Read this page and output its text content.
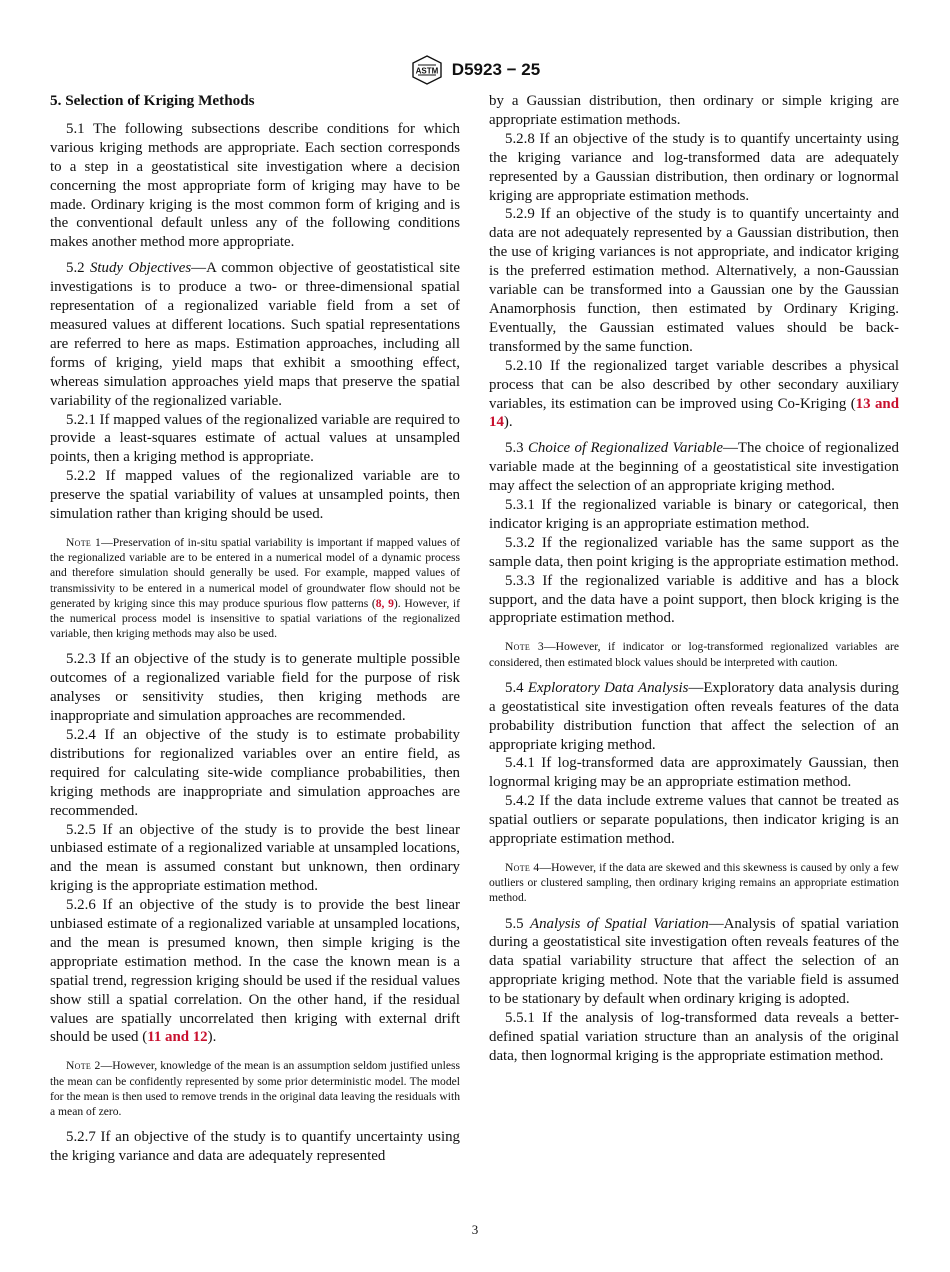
ASTM D5923 − 25

5. Selection of Kriging Methods

5.1 The following subsections describe conditions for which various kriging methods are appropriate. Each section corresponds to a step in a geostatistical site investigation where a decision concerning the most appropriate form of kriging may have to be made. Ordinary kriging is the most common form of kriging and is the conventional default unless any of the following conditions makes another method more appropriate.

5.2 Study Objectives—A common objective of geostatistical site investigations is to produce a two- or three-dimensional spatial representation of a regionalized variable field from a set of measured values at different locations. Such spatial representations are referred to here as maps. Estimation approaches, including all forms of kriging, yield maps that exhibit a smoothing effect, whereas simulation approaches yield maps that preserve the spatial variability of the regionalized variable.

5.2.1 If mapped values of the regionalized variable are required to provide a least-squares estimate of actual values at unsampled points, then a kriging method is appropriate.

5.2.2 If mapped values of the regionalized variable are to preserve the spatial variability of values at unsampled points, then simulation rather than kriging should be used.

Note 1—Preservation of in-situ spatial variability is important if mapped values of the regionalized variable are to be entered in a numerical model of a dynamic process and therefore simulation should generally be used. For example, mapped values of transmissivity to be entered in a numerical model of groundwater flow should not be generated by kriging since this may produce spurious flow patterns (8, 9). However, if the numerical process model is insensitive to spatial variations of the regionalized variable, then kriging methods may also be used.

5.2.3 If an objective of the study is to generate multiple possible outcomes of a regionalized variable field for the purpose of risk analyses or sensitivity studies, then kriging methods are inappropriate and simulation approaches are recommended.

5.2.4 If an objective of the study is to estimate probability distributions for regionalized variables over an entire field, as required for calculating site-wide compliance probabilities, then kriging methods are inappropriate and simulation approaches are recommended.

5.2.5 If an objective of the study is to provide the best linear unbiased estimate of a regionalized variable at unsampled locations, and the mean is assumed constant but unknown, then ordinary kriging is the appropriate estimation method.

5.2.6 If an objective of the study is to provide the best linear unbiased estimate of a regionalized variable at unsampled locations, and the mean is presumed known, then simple kriging is the appropriate estimation method. In the case the known mean is a spatial trend, regression kriging should be used if the residual values show still a spatial correlation. On the other hand, if the residual values are spatially uncorrelated then kriging with external drift should be used (11 and 12).

Note 2—However, knowledge of the mean is an assumption seldom justified unless the mean can be confidently represented by some prior deterministic model. The model for the mean is then used to remove trends in the original data leaving the residuals with a mean of zero.

5.2.7 If an objective of the study is to quantify uncertainty using the kriging variance and data are adequately represented

by a Gaussian distribution, then ordinary or simple kriging are appropriate estimation methods.

5.2.8 If an objective of the study is to quantify uncertainty using the kriging variance and log-transformed data are adequately represented by a Gaussian distribution, then ordinary or lognormal kriging are appropriate estimation methods.

5.2.9 If an objective of the study is to quantify uncertainty and data are not adequately represented by a Gaussian distribution, then the use of kriging variances is not appropriate, and indicator kriging is the preferred estimation method. Alternatively, a non-Gaussian variable can be transformed into a Gaussian one by the Gaussian Anamorphosis function, then estimated by Ordinary Kriging. Eventually, the Gaussian estimated values should be back-transformed by the same function.

5.2.10 If the regionalized target variable describes a physical process that can be also described by other secondary auxiliary variables, its estimation can be improved using Co-Kriging (13 and 14).

5.3 Choice of Regionalized Variable—The choice of regionalized variable made at the beginning of a geostatistical site investigation may affect the selection of an appropriate kriging method.

5.3.1 If the regionalized variable is binary or categorical, then indicator kriging is an appropriate estimation method.

5.3.2 If the regionalized variable has the same support as the sample data, then point kriging is the appropriate estimation method.

5.3.3 If the regionalized variable is additive and has a block support, and the data have a point support, then block kriging is the appropriate estimation method.

Note 3—However, if indicator or log-transformed regionalized variables are considered, then estimated block values should be interpreted with caution.

5.4 Exploratory Data Analysis—Exploratory data analysis during a geostatistical site investigation often reveals features of the data probability distribution function that affect the selection of an appropriate kriging method.

5.4.1 If log-transformed data are approximately Gaussian, then lognormal kriging may be an appropriate estimation method.

5.4.2 If the data include extreme values that cannot be treated as spatial outliers or separate populations, then indicator kriging is an appropriate estimation method.

Note 4—However, if the data are skewed and this skewness is caused by only a few outliers or clustered sampling, then ordinary kriging remains an appropriate estimation method.

5.5 Analysis of Spatial Variation—Analysis of spatial variation during a geostatistical site investigation often reveals features of the data spatial variability structure that affect the selection of an appropriate kriging method. Note that the variable field is assumed to be stationary by default when ordinary kriging is adopted.

5.5.1 If the analysis of log-transformed data reveals a better-defined spatial variation structure than an analysis of the original data, then lognormal kriging is the appropriate estimation method.

3
